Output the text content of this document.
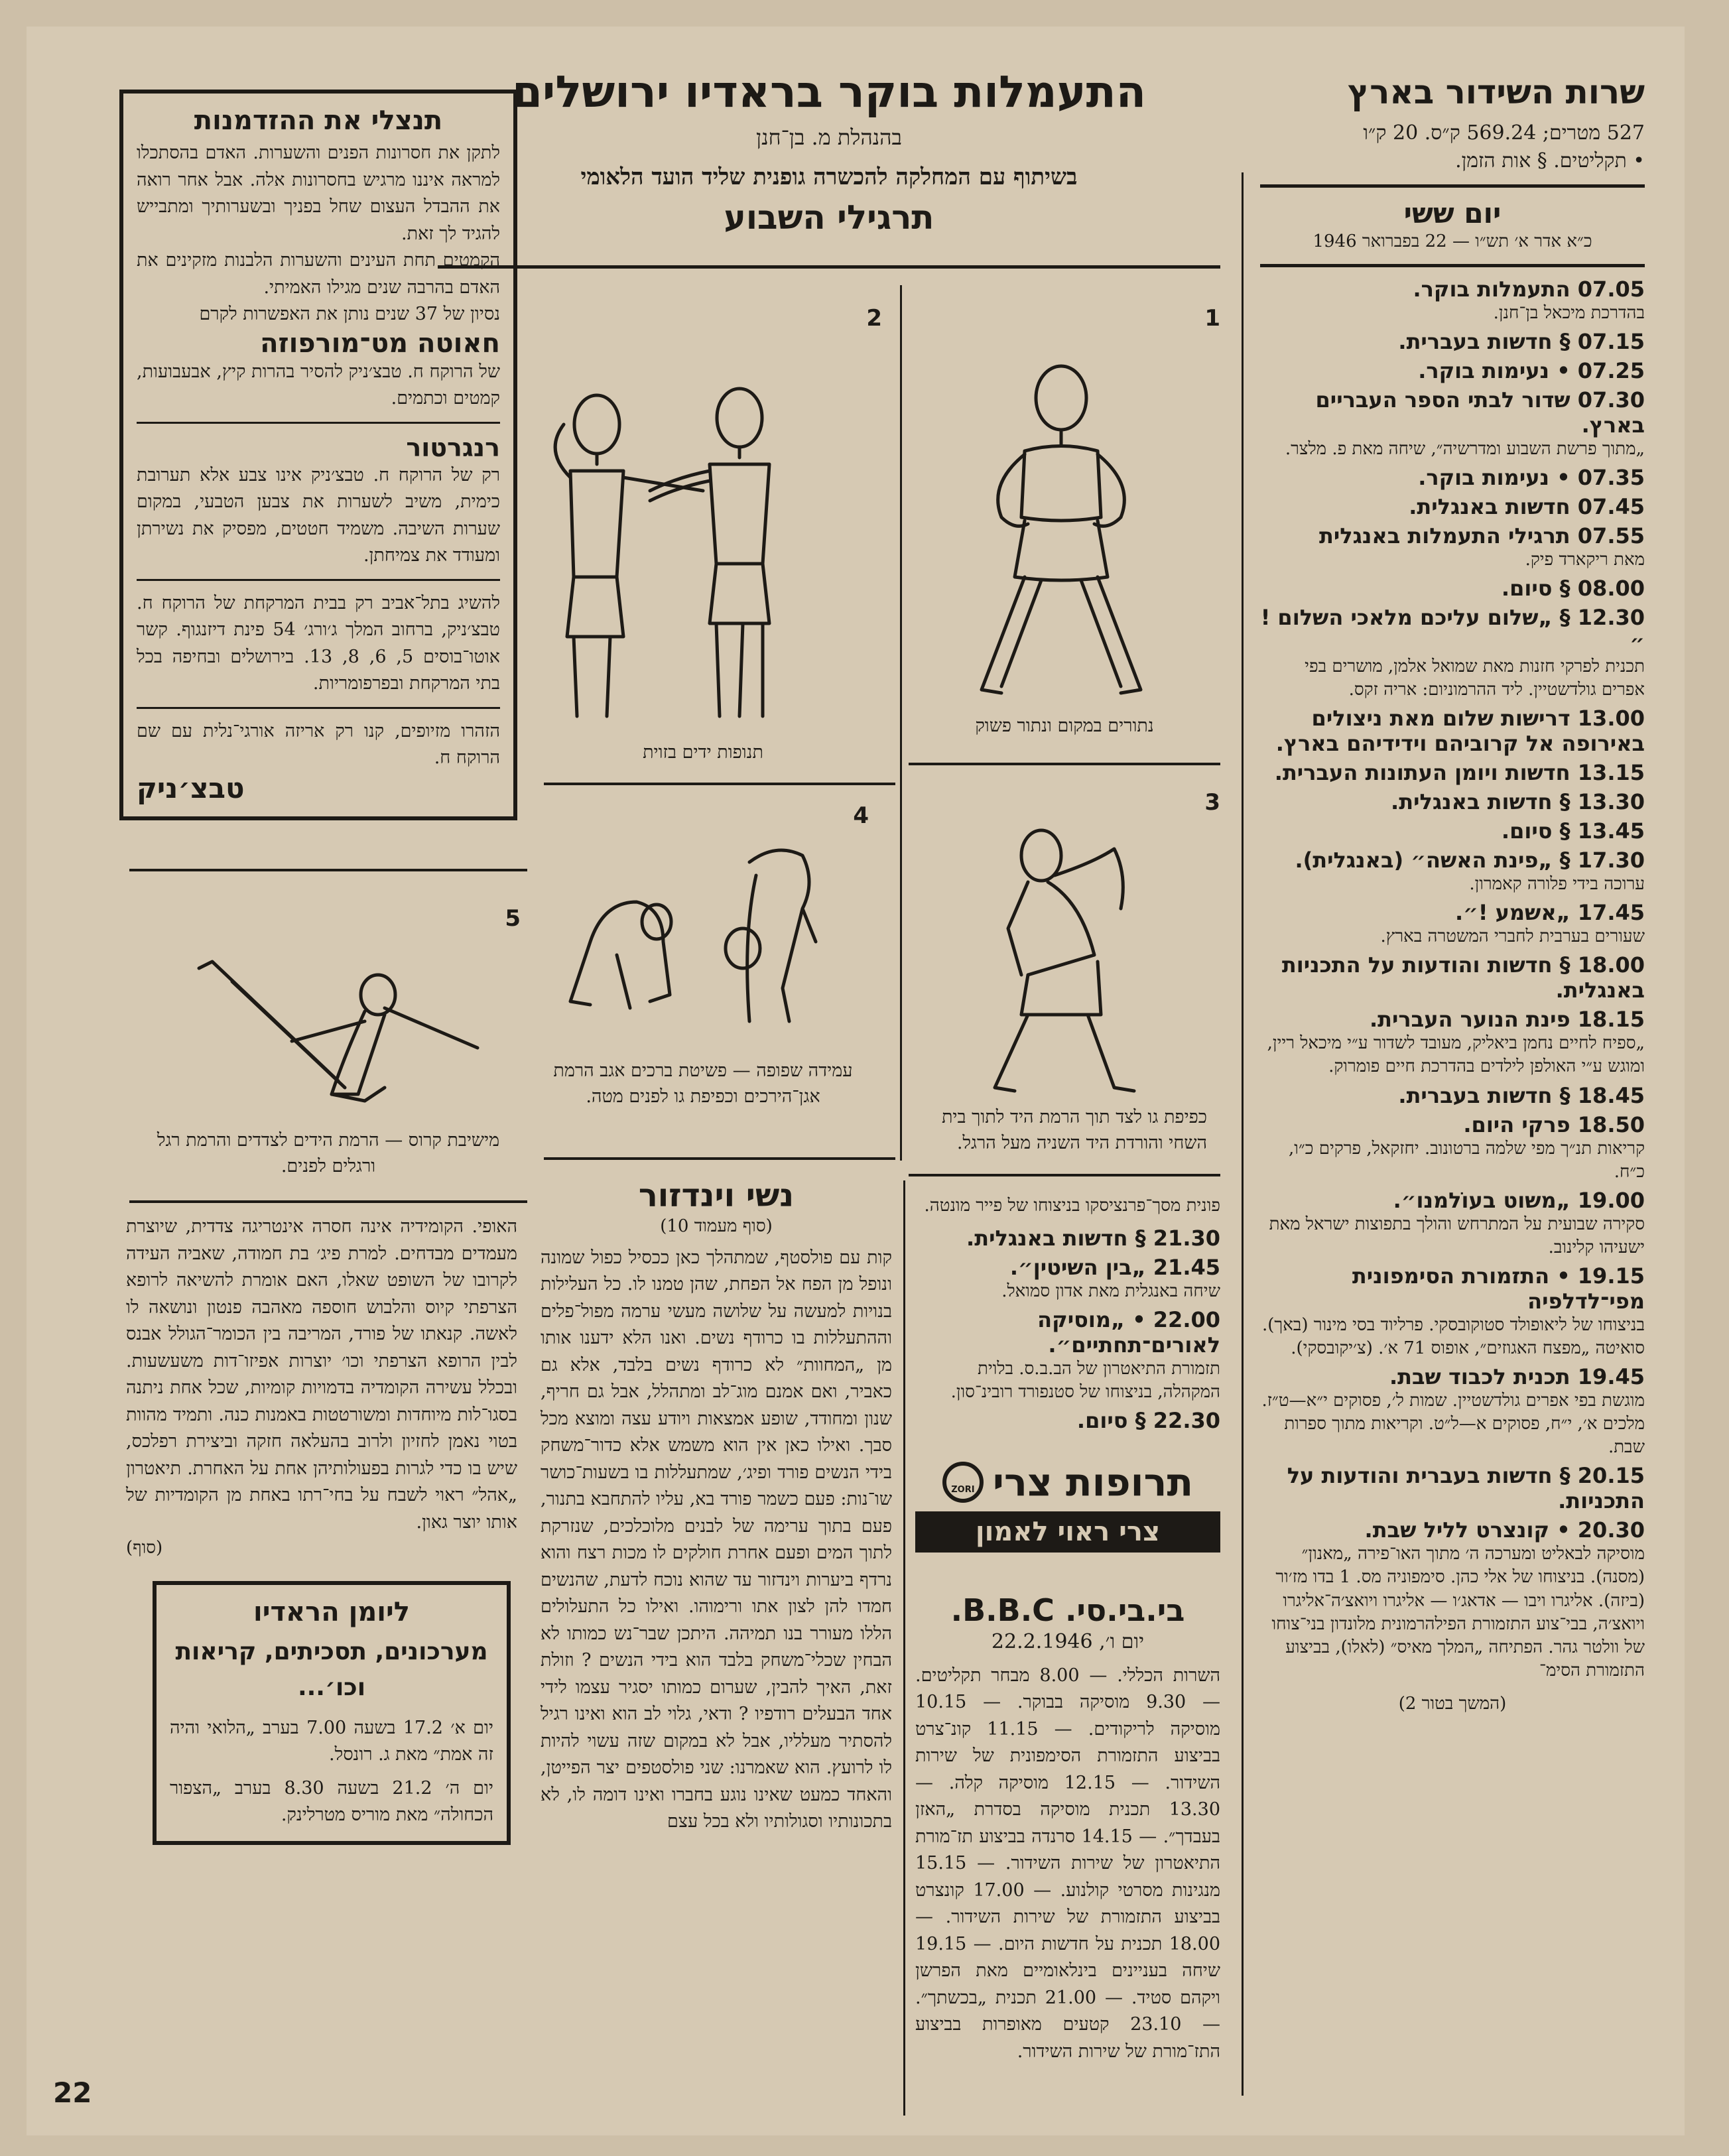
שרות השידור בארץ
527 מטרים; 569.24 ק״ס. 20 ק״ו
• תקליטים. § אות הזמן.
יום ששי
כ״א אדר א׳ תש״ו — 22 בפברואר 1946
07.05 התעמלות בוקר.
בהדרכת מיכאל בן־חנן.
07.15 § חדשות בעברית.
07.25 • נעימות בוקר.
07.30 שדור לבתי הספר העבריים בארץ.
„מתוך פרשת השבוע ומדרשיה״, שיחה מאת פ. מלצר.
07.35 • נעימות בוקר.
07.45 חדשות באנגלית.
07.55 תרגילי התעמלות באנגלית
מאת ריקארד פיק.
08.00 § סיום.
12.30 § „שלום עליכם מלאכי השלום !״
תכנית לפרקי חזנות מאת שמואל אלמן, מושרים בפי אפרים גולדשטיין. ליד ההרמוניום: אריה זקס.
13.00 דרישות שלום מאת ניצולים באירופה אל קרוביהם וידידיהם בארץ.
13.15 חדשות ויומן העתונות העברית.
13.30 § חדשות באנגלית.
13.45 § סיום.
17.30 § „פינת האשה״ (באנגלית).
ערוכה בידי פלורה קאמרון.
17.45 „אשמע !״.
שעורים בערבית לחברי המשטרה בארץ.
18.00 § חדשות והודעות על התכניות באנגלית.
18.15 פינת הנוער העברית.
„ספיח לחיים נחמן ביאליק, מעובד לשדור ע״י מיכאל ריין, ומוגש ע״י האולפן לילדים בהדרכת חיים פומרוק.
18.45 § חדשות בעברית.
18.50 פרקי היום.
קריאות תנ״ך מפי שלמה ברטונוב. יחזקאל, פרקים כ״ו, כ״ח.
19.00 „משוט בעוֹלמנו״.
סקירה שבועית על המתרחש והולך בתפוצות ישראל מאת ישעיהו קלינוב.
19.15 • התזמורת הסימפונית מפי־לדלפיה
בניצוחו של ליאופולד סטוקובסקי. פרליוד בסי מינור (באך). סואיטה „מפצח האגוזים״, אופוס 71 א׳. (צ׳יקובסקי).
19.45 תכנית לכבוד שבת.
מוגשת בפי אפרים גולדשטיין. שמות ל׳, פסוקים י״א—ט״ז. מלכים א׳, י״ח, פסוקים א—ל״ט. וקריאות מתוך ספרות שבת.
20.15 § חדשות בעברית והודעות על התכניות.
20.30 • קונצרט לליל שבת.
מוסיקה לבאליט ומערכה ה׳ מתוך האו־פירה „מאנון״ (מסנה). בניצוחו של אלי כהן. סימפוניה מס. 1 בדו מז׳ור (ביזה). אליגרו ויבו — אדאג׳ו — אליגרו ויואצ׳ה־אליגרו ויואצ׳ה, בבי־צוע התזמורת הפילהרמונית מלונדון בני־צוחו של וולטר גהר. הפתיחה „המלך מאיס״ (לאלו), בביצוע התזמורת הסימ־
(המשך בטור 2)
התעמלות בוקר בראדיו ירושלים
בהנהלת מ. בן־חנן
בשיתוף עם המחלקה להכשרה גופנית שליד הועד הלאומי
תרגילי השבוע
1
נתורים במקום ונתור פשוק
2
תנופות ידים בזוית
3
כפיפת גו לצד תוך הרמת היד לתוך בית השחי והורדת היד השניה מעל הרגל.
4
עמידה שפופה — פשיטת ברכים אגב הרמת אגן־הירכים וכפיפת גו לפנים מטה.
פונית מסך־פרנציסקו בניצוחו של פייר מונטה.
21.30 § חדשות באנגלית.
21.45 „בין השיטין״.
שיחה באנגלית מאת אדון סמואל.
22.00 • „מוסיקה לאורים־תחתיים״.
תזמורת התיאטרון של הב.ב.ס. בלוית המקהלה, בניצוחו של סטנפורד רובינ־סון.
22.30 § סיום.
תרופות צרי
ZORI
צרי ראוי לאמון
בי.בי.סי. B.B.C.
יום ו׳, 22.2.1946
השרות הכללי. — 8.00 מבחר תקליטים. — 9.30 מוסיקה בבוקר. — 10.15 מוסיקה לריקודים. — 11.15 קונ־צרט בביצוע התזמורת הסימפונית של שירות השידור. — 12.15 מוסיקה קלה. — 13.30 תכנית מוסיקה בסדרת „האזן בעבדך״. — 14.15 סרנדה בביצוע תז־מורת התיאטרון של שירות השידור. — 15.15 מנגינות מסרטי קולנוע. — 17.00 קונצרט בביצוע התזמורת של שירות השידור. — 18.00 תכנית על חדשות היום. — 19.15 שיחה בעניינים בינלאומיים מאת הפרשן ויקהם סטיד. — 21.00 תכנית „בכשתך״. — 23.10 קטעים מאופרות בביצוע התז־מורת של שירות השידור.
נשי וינדזור
(סוף מעמוד 10)
קות עם פולסטף, שמתהלך כאן ככסיל כפול שמונה ונופל מן הפח אל הפחת, שהן טמנו לו. כל העלילות בנויות למעשה על שלושה מעשי ערמה מפול־פלים וההתעללות בו כרודף נשים. ואנו הלא ידענו אותו מן „המחוות״ לא כרודף נשים בלבד, אלא גם כאביר, ואם אמנם מוג־לב ומתהלל, אבל גם חריף, שנון ומחודד, שופע אמצאות ויודע עצה ומוצא מכל סבך. ואילו כאן אין הוא משמש אלא כדור־משחק בידי הנשים פורד ופיג׳, שמתעללות בו בשעות־כושר שו־נות: פעם כשמר פורד בא, עליו להתחבא בתנור, פעם בתוך ערימה של לבנים מלוכלכים, שנזרקת לתוך המים ופעם אחרת חולקים לו מכות רצח והוא נרדף ביערות וינדזור עד שהוא נוכח לדעת, שהנשים חמדו להן לצון אתו ורימוהו. ואילו כל התעלולים הללו מעורר בנו תמיהה. היתכן שבר־נש כמותו לא הבחין שכלי־משחק בלבד הוא בידי הנשים ? וזולת זאת, האיך להבין, שערום כמותו יסגיר עצמו לידי אחד הבעלים רודפיו ? ודאי, גלוי לב הוא ואינו רגיל להסתיר מעלליו, אבל לא במקום שזה עשוי להיות לו לרועץ. הוא שאמרנו: שני פולסטפים יצר הפייטן, והאחד כמעט שאינו נוגע בחברו ואינו דומה לו, לא בתכונותיו וסגולותיו ולא בכל עצם
תנצלי את ההזדמנות
לתקן את חסרונות הפנים והשערות. האדם בהסתכלו למראה איננו מרגיש בחסרונות אלה. אבל אחר רואה את ההבדל העצום שחל בפניך ובשערותיך ומתבייש להגיד לך זאת.
הקמטים תחת העינים והשערות הלבנות מזקינים את האדם בהרבה שנים מגילו האמיתי.
נסיון של 37 שנים נותן את האפשרות לקרם
חאוטה מט־מורפוזה
של הרוקח ח. טבצ׳ניק להסיר בהרות קיץ, אבעבועות, קמטים וכתמים.
רנגרטור
רק של הרוקח ח. טבצ׳ניק אינו צבע אלא תערובת כימית, משיב לשערות את צבען הטבעי, במקום שערות השיבה. משמיד חטטים, מפסיק את נשירתן ומעודד את צמיחתן.
להשיג בתל־אביב רק בבית המרקחת של הרוקח ח. טבצ׳ניק, ברחוב המלך ג׳ורג׳ 54 פינת דיזנגוף. קשר אוטו־בוסים 5, 6, 8, 13. בירושלים ובחיפה בכל בתי המרקחת ובפרפומריות.
הזהרו מזיופים, קנו רק אריזה אורגי־נלית עם שם הרוקח ח.
טבצ׳ניק
5
מישיבת קרוס — הרמת הידים לצדדים והרמת רגל ורגלים לפנים.
האופי. הקומידיה אינה חסרה אינטריגה צדדית, שיוצרת מעמדים מבדחים. למרת פיג׳ בת חמודה, שאביה העידה לקרובו של השופט שאלו, האם אומרת להשיאה לרופא הצרפתי קיוס והלבוש חוספה מאהבה פנטון ונושאה לו לאשה. קנאתו של פורד, המריבה בין הכומר־הגולל אבנס לבין הרופא הצרפתי וכו׳ יוצרות אפיזו־דות משעשעות. ובכלל עשירה הקומדיה בדמויות קומיות, שכל אחת ניתנה בסגו־לות מיוחדות ומשורטטות באמנות כנה. ותמיד מהוות בטוי נאמן לחזיון ולרוב בהעלאה חזקה וביצירת רפלכס, שיש בו כדי לגרות בפעולותיהן אחת על האחרת. תיאטרון „אהל״ ראוי לשבח על בחי־רתו באחת מן הקומדיות של אותו יוצר גאון.
(סוף)
ליומן הראדיו
מערכונים, תסכיתים, קריאות וכו׳...
יום א׳ 17.2 בשעה 7.00 בערב „הלואי והיה זה אמת״ מאת ג. רונסל.
יום ה׳ 21.2 בשעה 8.30 בערב „הצפור הכחולה״ מאת מוריס מטרלינק.
22
